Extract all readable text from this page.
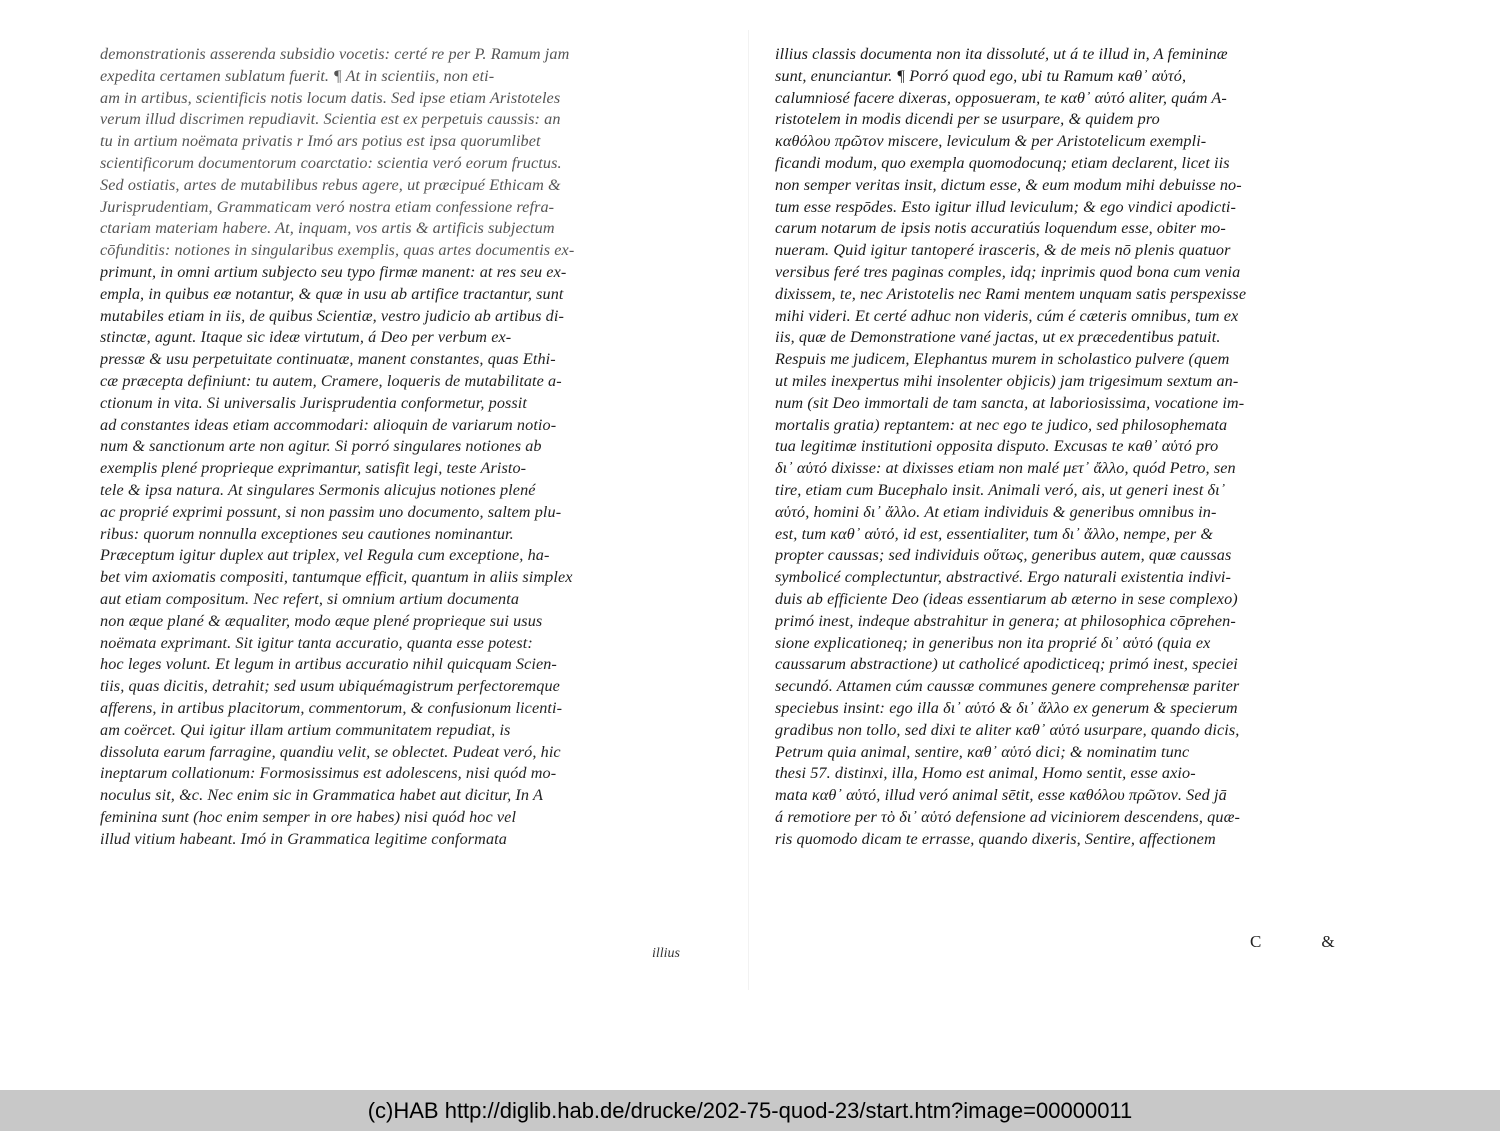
demonstrationis asserenda subsidio vocetis: certé re per P. Ramum jam
expedita certamen sublatum fuerit. ¶ At in scientiis, non eti-
am in artibus, scientificis notis locum datis. Sed ipse etiam Aristoteles
verum illud discrimen repudiavit. Scientia est ex perpetuis caussis: an
tu in artium noëmata privatis r Imó ars potius est ipsa quorumlibet
scientificorum documentorum coarctatio: scientia veró eorum fructus.
Sed ostiatis, artes de mutabilibus rebus agere, ut præcipué Ethicam &
Jurisprudentiam, Grammaticam veró nostra etiam confessione refra-
ctariam materiam habere. At, inquam, vos artis & artificis subjectum
cōfunditis: notiones in singularibus exemplis, quas artes documentis ex-
primunt, in omni artium subjecto seu typo firmæ manent: at res seu ex-
empla, in quibus eæ notantur, & quæ in usu ab artifice tractantur, sunt
mutabiles etiam in iis, de quibus Scientiæ, vestro judicio ab artibus di-
stinctæ, agunt. Itaque sic ideæ virtutum, á Deo per verbum ex-
pressæ & usu perpetuitate continuatæ, manent constantes, quas Ethi-
cæ præcepta definiunt: tu autem, Cramere, loqueris de mutabilitate a-
ctionum in vita. Si universalis Jurisprudentia conformetur, possit
ad constantes ideas etiam accommodari: alioquin de variarum notio-
num & sanctionum arte non agitur. Si porró singulares notiones ab
exemplis plené proprieque exprimantur, satisfit legi, teste Aristo-
tele & ipsa natura. At singulares Sermonis alicujus notiones plené
ac proprié exprimi possunt, si non passim uno documento, saltem plu-
ribus: quorum nonnulla exceptiones seu cautiones nominantur.
Præceptum igitur duplex aut triplex, vel Regula cum exceptione, ha-
bet vim axiomatis compositi, tantumque efficit, quantum in aliis simplex
aut etiam compositum. Nec refert, si omnium artium documenta
non æque plané & æqualiter, modo æque plené proprieque sui usus
noëmata exprimant. Sit igitur tanta accuratio, quanta esse potest:
hoc leges volunt. Et legum in artibus accuratio nihil quicquam Scien-
tiis, quas dicitis, detrahit; sed usum ubiquémagistrum perfectoremque
afferens, in artibus placitorum, commentorum, & confusionum licenti-
am coërcet. Qui igitur illam artium communitatem repudiat, is
dissoluta earum farragine, quandiu velit, se oblectet. Pudeat veró, hic
ineptarum collationum: Formosissimus est adolescens, nisi quód mo-
noculus sit, &c. Nec enim sic in Grammatica habet aut dicitur, In A
feminina sunt (hoc enim semper in ore habes) nisi quód hoc vel
illud vitium habeant. Imó in Grammatica legitime conformata
illius
illius classis documenta non ita dissoluté, ut á te illud in, A femininæ
sunt, enunciantur. ¶ Porró quod ego, ubi tu Ramum καθ᾽ αὑτό,
calumniosé facere dixeras, opposueram, te καθ᾽ αὑτό aliter, quám A-
ristotelem in modis dicendi per se usurpare, & quidem pro
καθόλου πρῶτον miscere, leviculum & per Aristotelicum exempli-
ficandi modum, quo exempla quomodocunq; etiam declarent, licet iis
non semper veritas insit, dictum esse, & eum modum mihi debuisse no-
tum esse respōdes. Esto igitur illud leviculum; & ego vindici apodicti-
carum notarum de ipsis notis accuratiús loquendum esse, obiter mo-
nueram. Quid igitur tantoperé irasceris, & de meis nō plenis quatuor
versibus feré tres paginas comples, idq; inprimis quod bona cum venia
dixissem, te, nec Aristotelis nec Rami mentem unquam satis perspexisse
mihi videri. Et certé adhuc non videris, cúm é cæteris omnibus, tum ex
iis, quæ de Demonstratione vané jactas, ut ex præcedentibus patuit.
Respuis me judicem, Elephantus murem in scholastico pulvere (quem
ut miles inexpertus mihi insolenter objicis) jam trigesimum sextum an-
num (sit Deo immortali de tam sancta, at laboriosissima, vocatione im-
mortalis gratia) reptantem: at nec ego te judico, sed philosophemata
tua legitimæ institutioni opposita disputo. Excusas te καθ᾽ αὑτό pro
δι᾽ αὑτό dixisse: at dixisses etiam non malé μετ᾽ ἄλλο, quód Petro, sen
tire, etiam cum Bucephalo insit. Animali veró, ais, ut generi inest δι᾽
αὑτό, homini δι᾽ ἄλλο. At etiam individuis & generibus omnibus in-
est, tum καθ᾽ αὑτό, id est, essentialiter, tum δι᾽ ἄλλο, nempe, per &
propter caussas; sed individuis οὕτως, generibus autem, quæ caussas
symbolicé complectuntur, abstractivé. Ergo naturali existentia indivi-
duis ab efficiente Deo (ideas essentiarum ab æterno in sese complexo)
primó inest, indeque abstrahitur in genera; at philosophica cōprehen-
sione explicationeq; in generibus non ita proprié δι᾽ αὑτό (quia ex
caussarum abstractione) ut catholicé apodicticeq; primó inest, speciei
secundó. Attamen cúm caussæ communes genere comprehensæ pariter
speciebus insint: ego illa δι᾽ αὑτό & δι᾽ ἄλλο ex generum & specierum
gradibus non tollo, sed dixi te aliter καθ᾽ αὑτό usurpare, quando dicis,
Petrum quia animal, sentire, καθ᾽ αὑτό dici; & nominatim tunc
thesi 57. distinxi, illa, Homo est animal, Homo sentit, esse axio-
mata καθ᾽ αὑτό, illud veró animal sētit, esse καθόλου πρῶτον. Sed jā
á remotiore per τὸ δι᾽ αὑτό defensione ad viciniorem descendens, quæ-
ris quomodo dicam te errasse, quando dixeris, Sentire, affectionem
C&
(c)HAB http://diglib.hab.de/drucke/202-75-quod-23/start.htm?image=00000011
